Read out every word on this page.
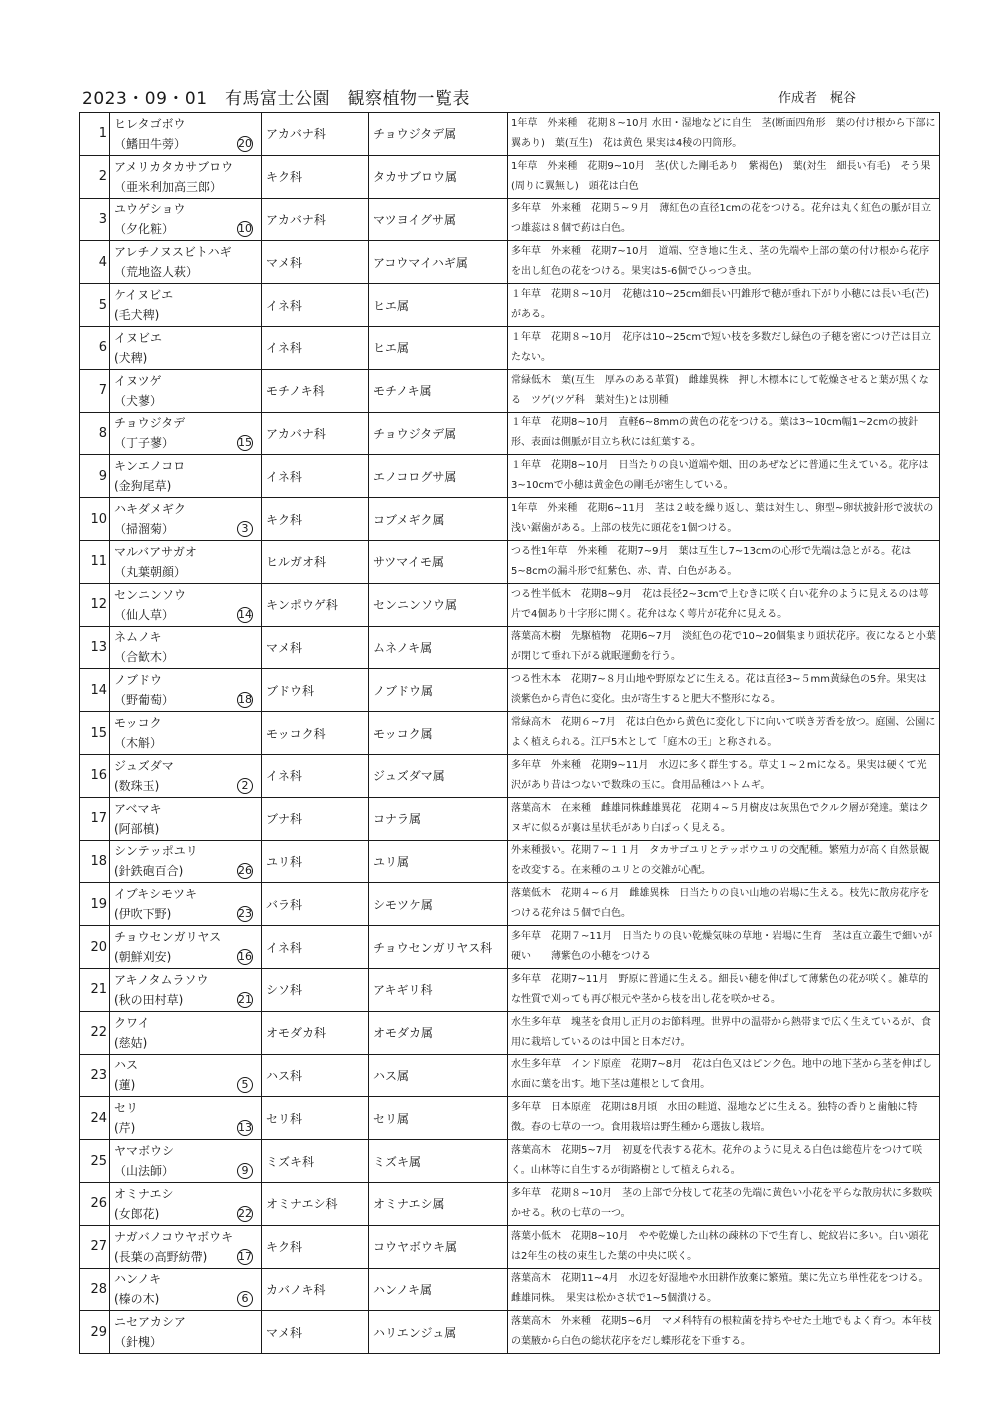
2023・09・01　有馬富士公園　観察植物一覧表	作成者　梶谷
1	ヒレタゴボウ
（鰭田牛蒡） 20	アカバナ科	チョウジタデ属	1年草　外来種　花期８~10月 水田・湿地などに自生　茎(断面四角形　葉の付け根から下部に翼あり)　葉(互生)　花は黄色 果実は4稜の円筒形。

2	アメリカタカサブロウ
（亜米利加高三郎）	キク科	タカサブロウ属	1年草　外来種　花期9~10月　茎(伏した剛毛あり　紫褐色)　葉(対生　細長い有毛)　そう果(周りに翼無し)　頭花は白色

3	ユウゲショウ
（夕化粧） 10	アカバナ科	マツヨイグサ属	多年草　外来種　花期５~９月　薄紅色の直径1cmの花をつける。花弁は丸く紅色の脈が目立つ雄蕊は８個で葯は白色。

4	アレチノヌスビトハギ
（荒地盗人萩）	マメ科	アコウマイハギ属	多年草　外来種　花期7~10月　道端、空き地に生え、茎の先端や上部の葉の付け根から花序を出し紅色の花をつける。果実は5-6個でひっつき虫。

5	ケイヌビエ
(毛犬稗)	イネ科	ヒエ属	１年草　花期８~10月　花穂は10~25cm細長い円錐形で穂が垂れ下がり小穂には長い毛(芒)がある。

6	イヌビエ
(犬稗)	イネ科	ヒエ属	１年草　花期８~10月　花序は10~25cmで短い枝を多数だし緑色の子穂を密につけ芒は目立たない。

7	イヌツゲ
（犬蓼）	モチノキ科	モチノキ属	常緑低木　葉(互生　厚みのある革質)　雌雄異株　押し木標本にして乾燥させると葉が黒くなる　ツゲ(ツゲ科　葉対生)とは別種

8	チョウジタデ
（丁子蓼） 15	アカバナ科	チョウジタデ属	１年草　花期8~10月　直軽6~8mmの黄色の花をつける。葉は3~10cm幅1~2cmの披針形、表面は側脈が目立ち秋には紅葉する。

9	キンエノコロ
(金狗尾草)	イネ科	エノコログサ属	１年草　花期8~10月　日当たりの良い道端や畑、田のあぜなどに普通に生えている。花序は3~10cmで小穂は黄金色の剛毛が密生している。

10	ハキダメギク
（掃溜菊） 3	キク科	コブメギク属	1年草　外来種　花期6~11月　茎は２岐を繰り返し、葉は対生し、卵型~卵状披針形で波状の浅い鋸歯がある。上部の枝先に頭花を1個つける。

11	マルバアサガオ
（丸葉朝顔）	ヒルガオ科	サツマイモ属	つる性1年草　外来種　花期7~9月　葉は互生し7~13cmの心形で先端は急とがる。花は5~8cmの漏斗形で紅紫色、赤、青、白色がある。

12	センニンソウ
（仙人草） 14	キンポウゲ科	センニンソウ属	つる性半低木　花期8~9月　花は長径2~3cmで上むきに咲く白い花弁のように見えるのは萼片で4個あり十字形に開く。花弁はなく萼片が花弁に見える。

13	ネムノキ
（合歓木）	マメ科	ムネノキ属	落葉高木樹　先駆植物　花期6~7月　淡紅色の花で10~20個集まり頭状花序。夜になると小葉が閉じて垂れ下がる就眠運動を行う。

14	ノブドウ
（野葡萄） 18	ブドウ科	ノブドウ属	つる性木本　花期7~８月山地や野原などに生える。花は直径3~５mm黄緑色の5弁。果実は淡紫色から青色に変化。虫が寄生すると肥大不整形になる。

15	モッコク
（木斛）	モッコク科	モッコク属	常緑高木　花期６~7月　花は白色から黄色に変化し下に向いて咲き芳香を放つ。庭園、公園によく植えられる。江戸5木として「庭木の王」と称される。

16	ジュズダマ
(数珠玉) 2	イネ科	ジュズダマ属	多年草　外来種　花期9~11月　水辺に多く群生する。草丈１~２mになる。果実は硬くて光沢があり昔はつないで数珠の玉に。食用品種はハトムギ。

17	アベマキ
(阿部槙)	ブナ科	コナラ属	落葉高木　在来種　雌雄同株雌雄異花　花期４~５月樹皮は灰黒色でクルク層が発達。葉はクヌギに似るが裏は星状毛があり白ぽっく見える。

18	シンテッポユリ
(針鉄砲百合) 26	ユリ科	ユリ属	外来種扱い。花期７~１１月　タカサゴユリとテッポウユリの交配種。繁殖力が高く自然景観を改変する。在来種のユリとの交雑が心配。

19	イブキシモツキ
(伊吹下野) 23	バラ科	シモツケ属	落葉低木　花期４~６月　雌雄異株　日当たりの良い山地の岩場に生える。枝先に散房花序をつける花弁は５個で白色。

20	チョウセンガリヤス
(朝鮮刈安) 16	イネ科	チョウセンガリヤス科	多年草　花期７~11月　日当たりの良い乾燥気味の草地・岩場に生育　茎は直立叢生で細いが硬い　　薄紫色の小穂をつける

21	アキノタムラソウ
(秋の田村草) 21	シソ科	アキギリ科	多年草　花期7~11月　野原に普通に生える。細長い穂を伸ばして薄紫色の花が咲く。雑草的な性質で刈っても再び根元や茎から枝を出し花を咲かせる。

22	クワイ
(慈姑)	オモダカ科	オモダカ属	水生多年草　塊茎を食用し正月のお節料理。世界中の温帯から熱帯まで広く生えているが、食用に栽培しているのは中国と日本だけ。

23	ハス
(蓮) 5	ハス科	ハス属	水生多年草　インド原産　花期7~8月　花は白色又はピンク色。地中の地下茎から茎を伸ばし水面に葉を出す。地下茎は蓮根として食用。

24	セリ
(芹) 13	セリ科	セリ属	多年草　日本原産　花期は8月頃　水田の畦道、湿地などに生える。独特の香りと歯触に特徴。春の七草の一つ。食用栽培は野生種から選抜し栽培。

25	ヤマボウシ
（山法師） 9	ミズキ科	ミズキ属	落葉高木　花期5~7月　初夏を代表する花木。花弁のように見える白色は総苞片をつけて咲く。山林等に自生するが街路樹として植えられる。

26	オミナエシ
(女郎花) 22	オミナエシ科	オミナエシ属	多年草　花期８~10月　茎の上部で分枝して花茎の先端に黄色い小花を平らな散房状に多数咲かせる。秋の七草の一つ。

27	ナガバノコウヤボウキ
(長葉の高野紡帶) 17	キク科	コウヤボウキ属	落葉小低木　花期8~10月　やや乾燥した山林の疎林の下で生育し、蛇紋岩に多い。白い頭花は2年生の枝の束生した葉の中央に咲く。

28	ハンノキ
(榛の木) 6	カバノキ科	ハンノキ属	落葉高木　花期11~4月　水辺を好湿地や水田耕作放棄に繁殖。葉に先立ち単性花をつける。雌雄同株。　果実は松かさ状で1~5個潰ける。

29	ニセアカシア
（針槐）	マメ科	ハリエンジュ属	落葉高木　外来種　花期5~6月　マメ科特有の根粒菌を持ちやせた土地でもよく育つ。本年枝の葉腋から白色の総状花序をだし蝶形花を下垂する。
